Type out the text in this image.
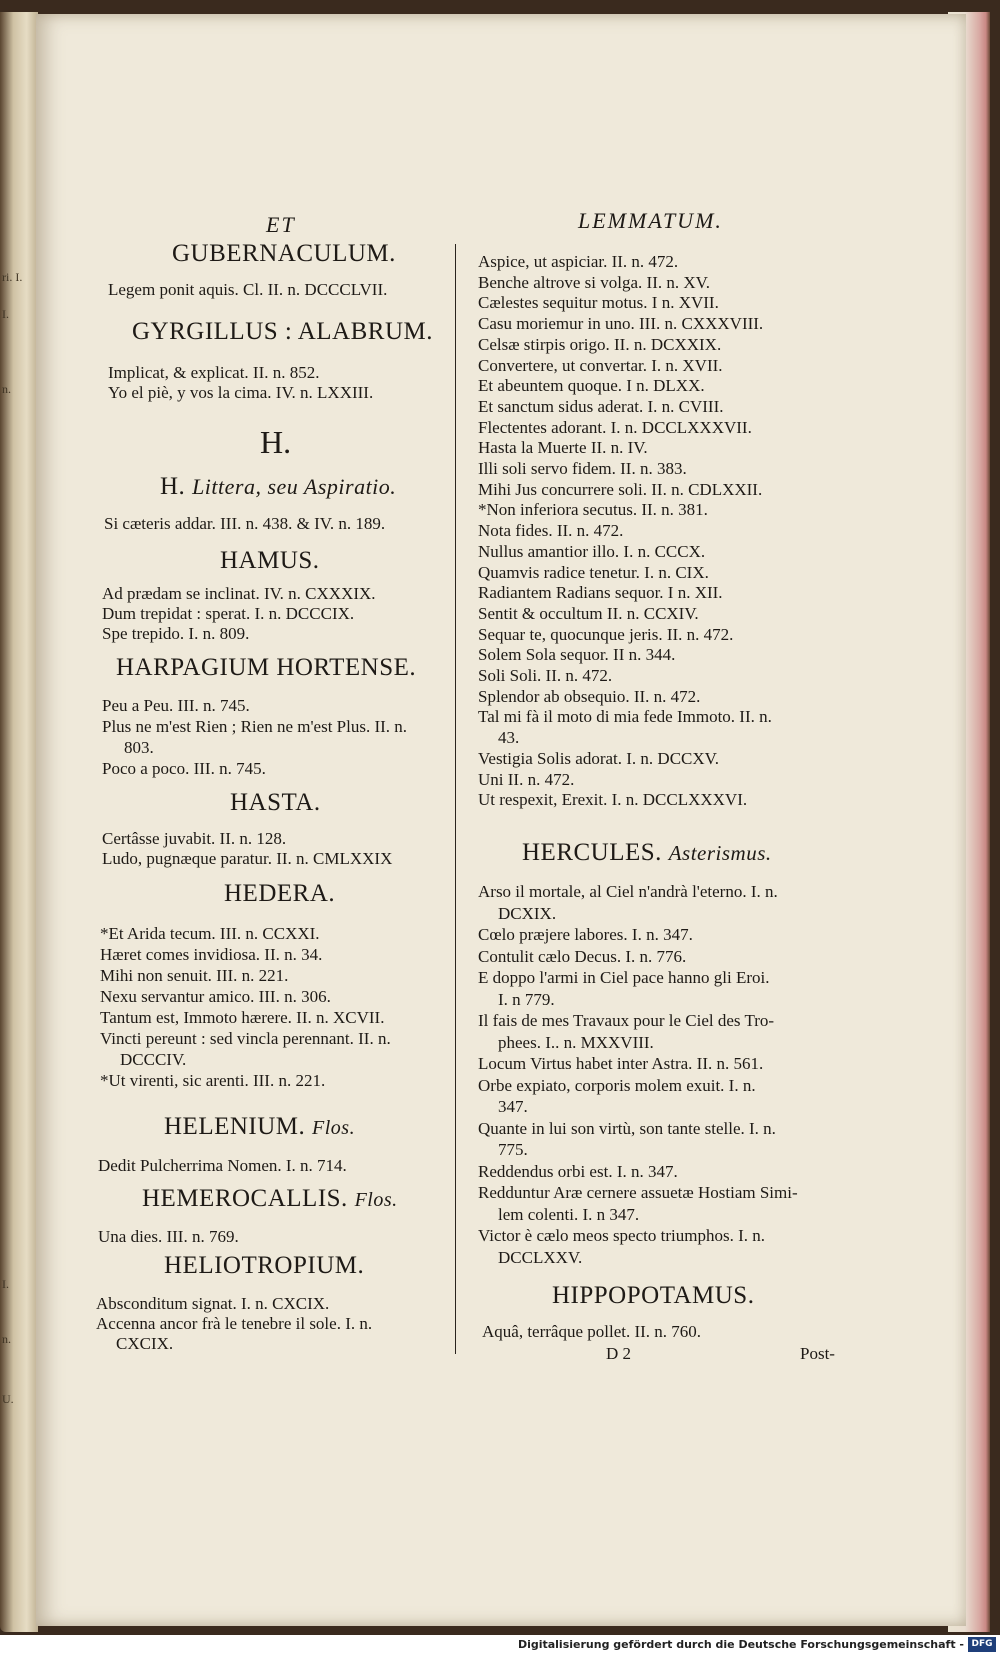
ri. I.
I.
n.
I.
n.
U.
ET
GUBERNACULUM.
Legem ponit aquis. Cl. II. n. DCCCLVII.
GYRGILLUS : ALABRUM.
Implicat, & explicat. II. n. 852.
Yo el piè, y vos la cima. IV. n. LXXIII.
H.
H. Littera, seu Aspiratio.
Si cæteris addar. III. n. 438. & IV. n. 189.
HAMUS.
Ad prædam se inclinat. IV. n. CXXXIX.
Dum trepidat : sperat. I. n. DCCCIX.
Spe trepido. I. n. 809.
HARPAGIUM HORTENSE.
Peu a Peu. III. n. 745.
Plus ne m'est Rien ; Rien ne m'est Plus. II. n.
803.
Poco a poco. III. n. 745.
HASTA.
Certâsse juvabit. II. n. 128.
Ludo, pugnæque paratur. II. n. CMLXXIX
HEDERA.
*Et Arida tecum. III. n. CCXXI.
Hæret comes invidiosa. II. n. 34.
Mihi non senuit. III. n. 221.
Nexu servantur amico. III. n. 306.
Tantum est, Immoto hærere. II. n. XCVII.
Vincti pereunt : sed vincla perennant. II. n.
DCCCIV.
*Ut virenti, sic arenti. III. n. 221.
HELENIUM. Flos.
Dedit Pulcherrima Nomen. I. n. 714.
HEMEROCALLIS. Flos.
Una dies. III. n. 769.
HELIOTROPIUM.
Absconditum signat. I. n. CXCIX.
Accenna ancor frà le tenebre il sole. I. n.
CXCIX.
LEMMATUM.
Aspice, ut aspiciar. II. n. 472.
Benche altrove si volga. II. n. XV.
Cælestes sequitur motus. I n. XVII.
Casu moriemur in uno. III. n. CXXXVIII.
Celsæ stirpis origo. II. n. DCXXIX.
Convertere, ut convertar. I. n. XVII.
Et abeuntem quoque. I n. DLXX.
Et sanctum sidus aderat. I. n. CVIII.
Flectentes adorant. I. n. DCCLXXXVII.
Hasta la Muerte II. n. IV.
Illi soli servo fidem. II. n. 383.
Mihi Jus concurrere soli. II. n. CDLXXII.
*Non inferiora secutus. II. n. 381.
Nota fides. II. n. 472.
Nullus amantior illo. I. n. CCCX.
Quamvis radice tenetur. I. n. CIX.
Radiantem Radians sequor. I n. XII.
Sentit & occultum II. n. CCXIV.
Sequar te, quocunque jeris. II. n. 472.
Solem Sola sequor. II n. 344.
Soli Soli. II. n. 472.
Splendor ab obsequio. II. n. 472.
Tal mi fà il moto di mia fede Immoto. II. n.
43.
Vestigia Solis adorat. I. n. DCCXV.
Uni II. n. 472.
Ut respexit, Erexit. I. n. DCCLXXXVI.
HERCULES. Asterismus.
Arso il mortale, al Ciel n'andrà l'eterno. I. n.
DCXIX.
Cœlo præjere labores. I. n. 347.
Contulit cælo Decus. I. n. 776.
E doppo l'armi in Ciel pace hanno gli Eroi.
I. n 779.
Il fais de mes Travaux pour le Ciel des Tro-
phees. I.. n. MXXVIII.
Locum Virtus habet inter Astra. II. n. 561.
Orbe expiato, corporis molem exuit. I. n.
347.
Quante in lui son virtù, son tante stelle. I. n.
775.
Reddendus orbi est. I. n. 347.
Redduntur Aræ cernere assuetæ Hostiam Simi-
lem colenti. I. n 347.
Victor è cælo meos specto triumphos. I. n.
DCCLXXV.
HIPPOPOTAMUS.
Aquâ, terrâque pollet. II. n. 760.
D 2	Post-
Digitalisierung gefördert durch die Deutsche Forschungsgemeinschaft - DFG
